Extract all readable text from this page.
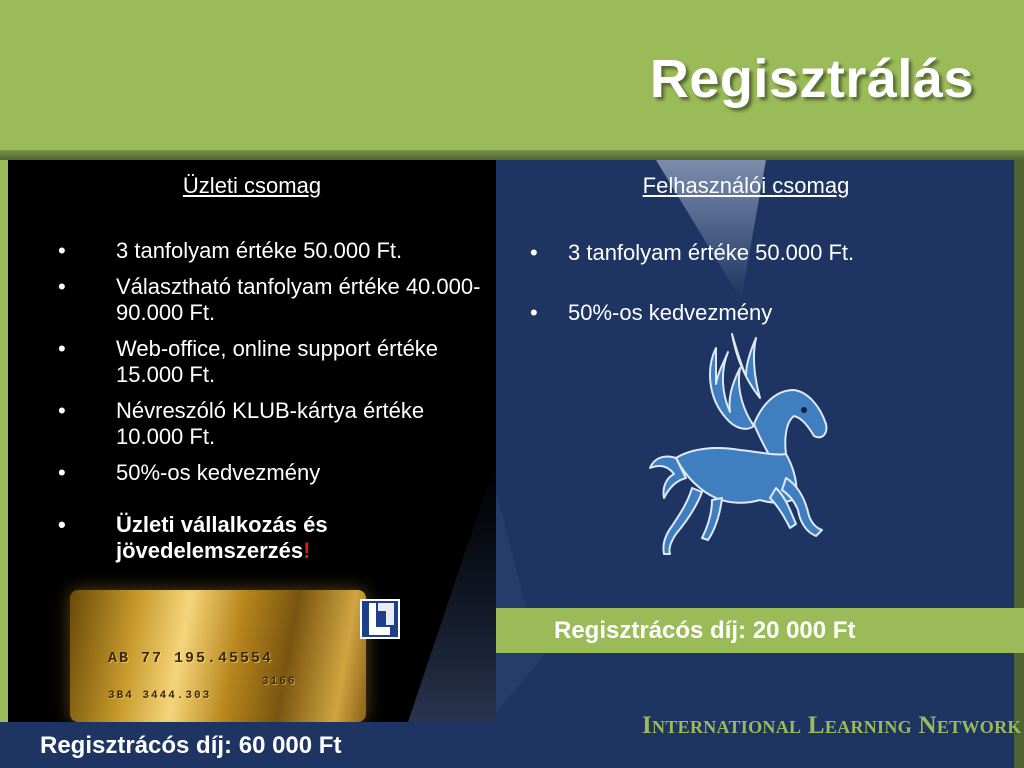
Regisztrálás
Üzleti csomag
• 3 tanfolyam értéke 50.000 Ft.
• Választható tanfolyam értéke 40.000-90.000 Ft.
• Web-office, online support értéke 15.000 Ft.
• Névreszóló KLUB-kártya értéke 10.000 Ft.
• 50%-os kedvezmény
• Üzleti vállalkozás és jövedelemszerzés!
AB 77 195.45554
3166
3B4 3444.303
Felhasználói csomag
• 3 tanfolyam értéke 50.000 Ft.
• 50%-os kedvezmény
Regisztrácós díj: 20 000 Ft
International Learning Network
Regisztrácós díj: 60 000 Ft
